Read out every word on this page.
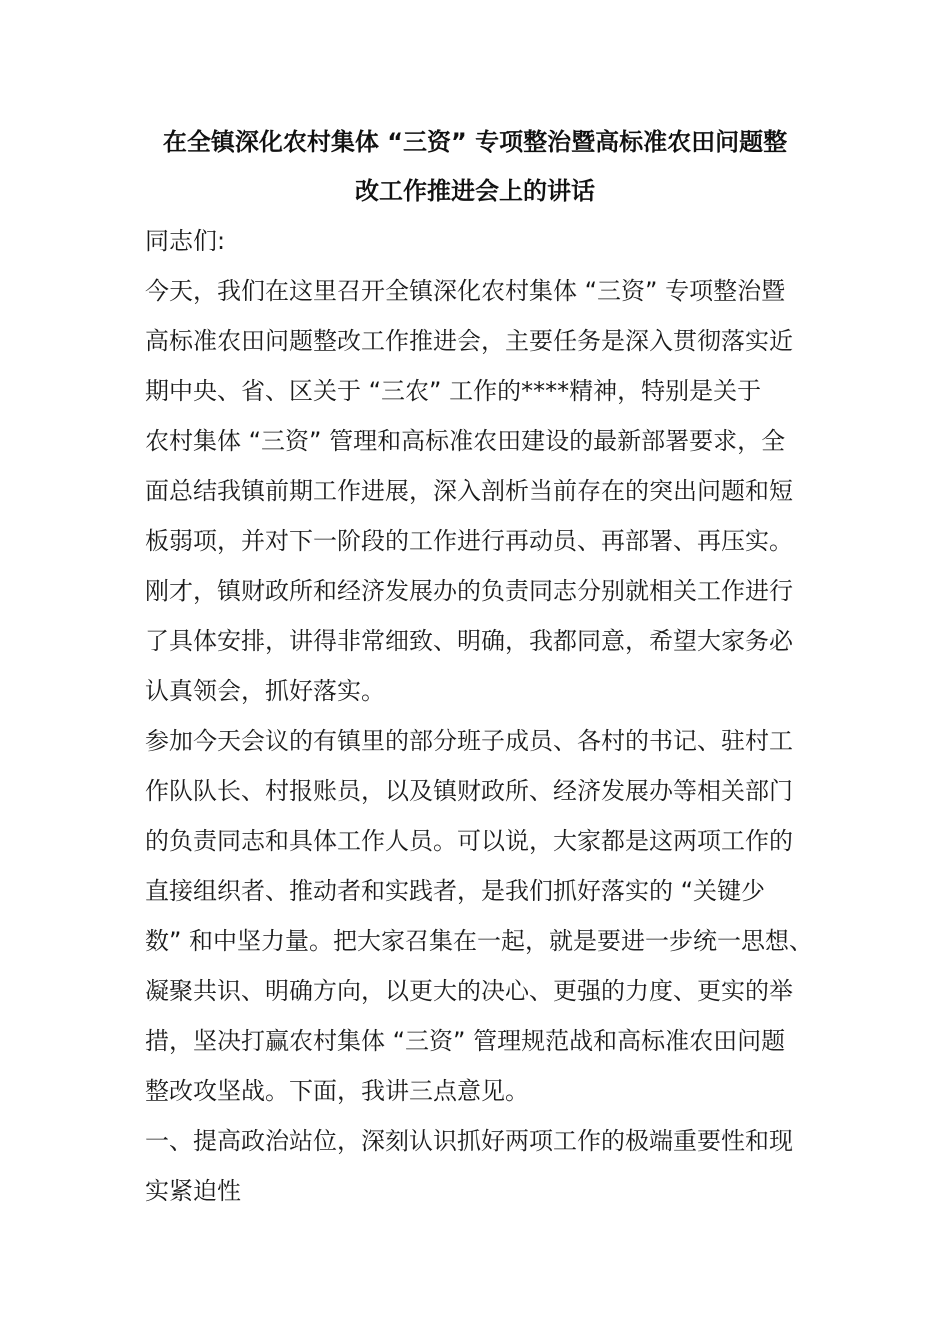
在全镇深化农村集体 “三资” 专项整治暨高标准农田问题整
改工作推进会上的讲话
同志们:
今天，我们在这里召开全镇深化农村集体 “三资” 专项整治暨
高标准农田问题整改工作推进会，主要任务是深入贯彻落实近
期中央、省、区关于 “三农” 工作的****精神，特别是关于
农村集体 “三资” 管理和高标准农田建设的最新部署要求，全
面总结我镇前期工作进展，深入剖析当前存在的突出问题和短
板弱项，并对下一阶段的工作进行再动员、再部署、再压实。
刚才，镇财政所和经济发展办的负责同志分别就相关工作进行
了具体安排，讲得非常细致、明确，我都同意，希望大家务必
认真领会，抓好落实。
参加今天会议的有镇里的部分班子成员、各村的书记、驻村工
作队队长、村报账员，以及镇财政所、经济发展办等相关部门
的负责同志和具体工作人员。可以说，大家都是这两项工作的
直接组织者、推动者和实践者，是我们抓好落实的 “关键少
数” 和中坚力量。把大家召集在一起，就是要进一步统一思想、
凝聚共识、明确方向，以更大的决心、更强的力度、更实的举
措，坚决打赢农村集体 “三资” 管理规范战和高标准农田问题
整改攻坚战。下面，我讲三点意见。
一、提高政治站位，深刻认识抓好两项工作的极端重要性和现
实紧迫性
